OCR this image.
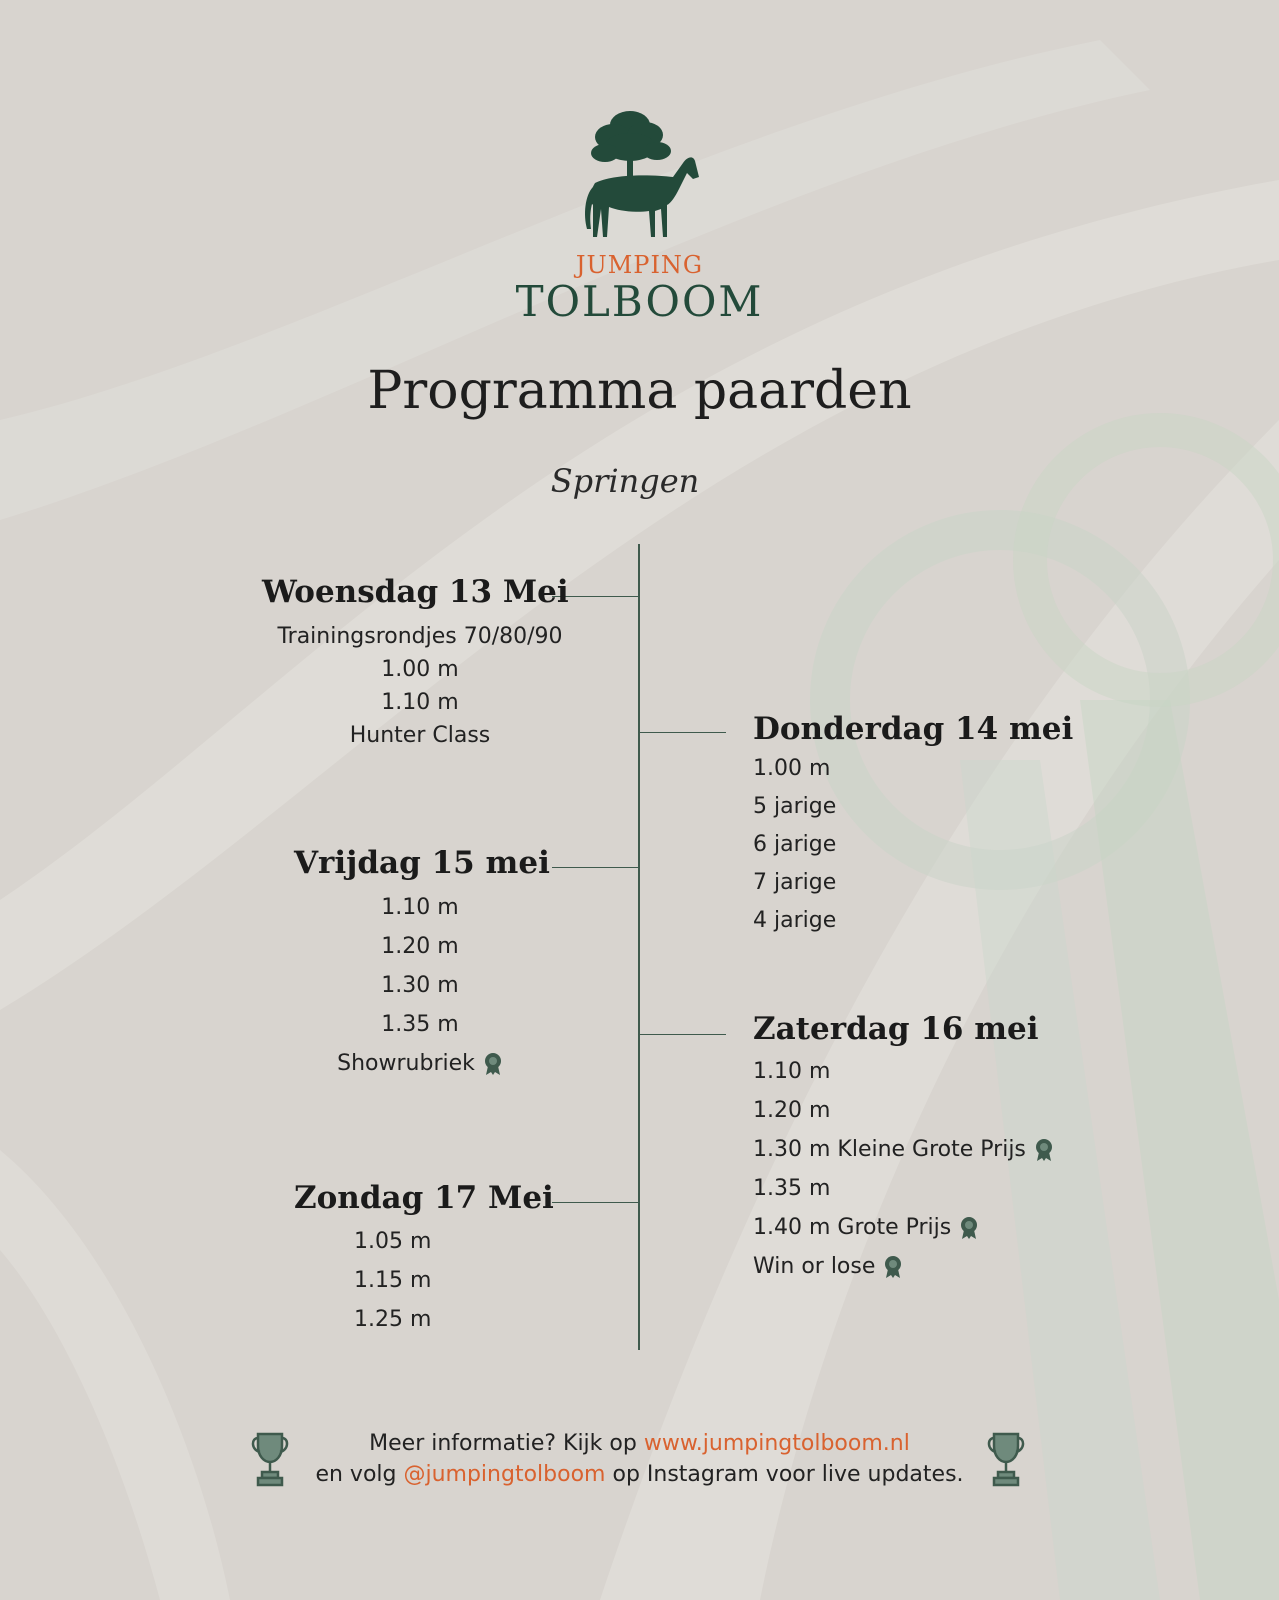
JUMPING
TOLBOOM
Programma paarden
Springen
Woensdag 13 Mei
Trainingsrondjes 70/80/90
1.00 m
1.10 m
Hunter Class	Donderdag 14 mei
1.00 m
5 jarige
6 jarige
7 jarige
4 jarige
Vrijdag 15 mei
1.10 m
1.20 m
1.30 m
1.35 m
Showrubriek
Zaterdag 16 mei
1.10 m
1.20 m
1.30 m Kleine Grote Prijs
1.35 m
1.40 m Grote Prijs
Win or lose
Zondag 17 Mei
1.05 m
1.15 m
1.25 m
Meer informatie? Kijk op www.jumpingtolboom.nl
en volg @jumpingtolboom op Instagram voor live updates.
